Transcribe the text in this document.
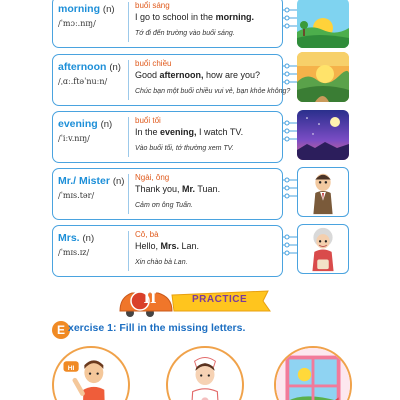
morning (n)
/ˈmɔː.nɪŋ/
buổi sáng
I go to school in the morning.
Tớ đi đến trường vào buổi sáng.
afternoon (n)
/ˌɑː.ftəˈnuːn/
buổi chiều
Good afternoon, how are you?
Chúc bạn một buổi chiều vui vẻ, bạn khỏe không?
evening (n)
/ˈiːv.nɪŋ/
buổi tối
In the evening, I watch TV.
Vào buổi tối, tớ thường xem TV.
Mr./ Mister (n)
/ˈmɪs.tər/
Ngài, ông
Thank you, Mr. Tuan.
Cảm ơn ông Tuấn.
Mrs. (n)
/ˈmɪs.ɪz/
Cô, bà
Hello, Mrs. Lan.
Xin chào bà Lan.
II	PRACTICE
E xercise 1: Fill in the missing letters.
HI
